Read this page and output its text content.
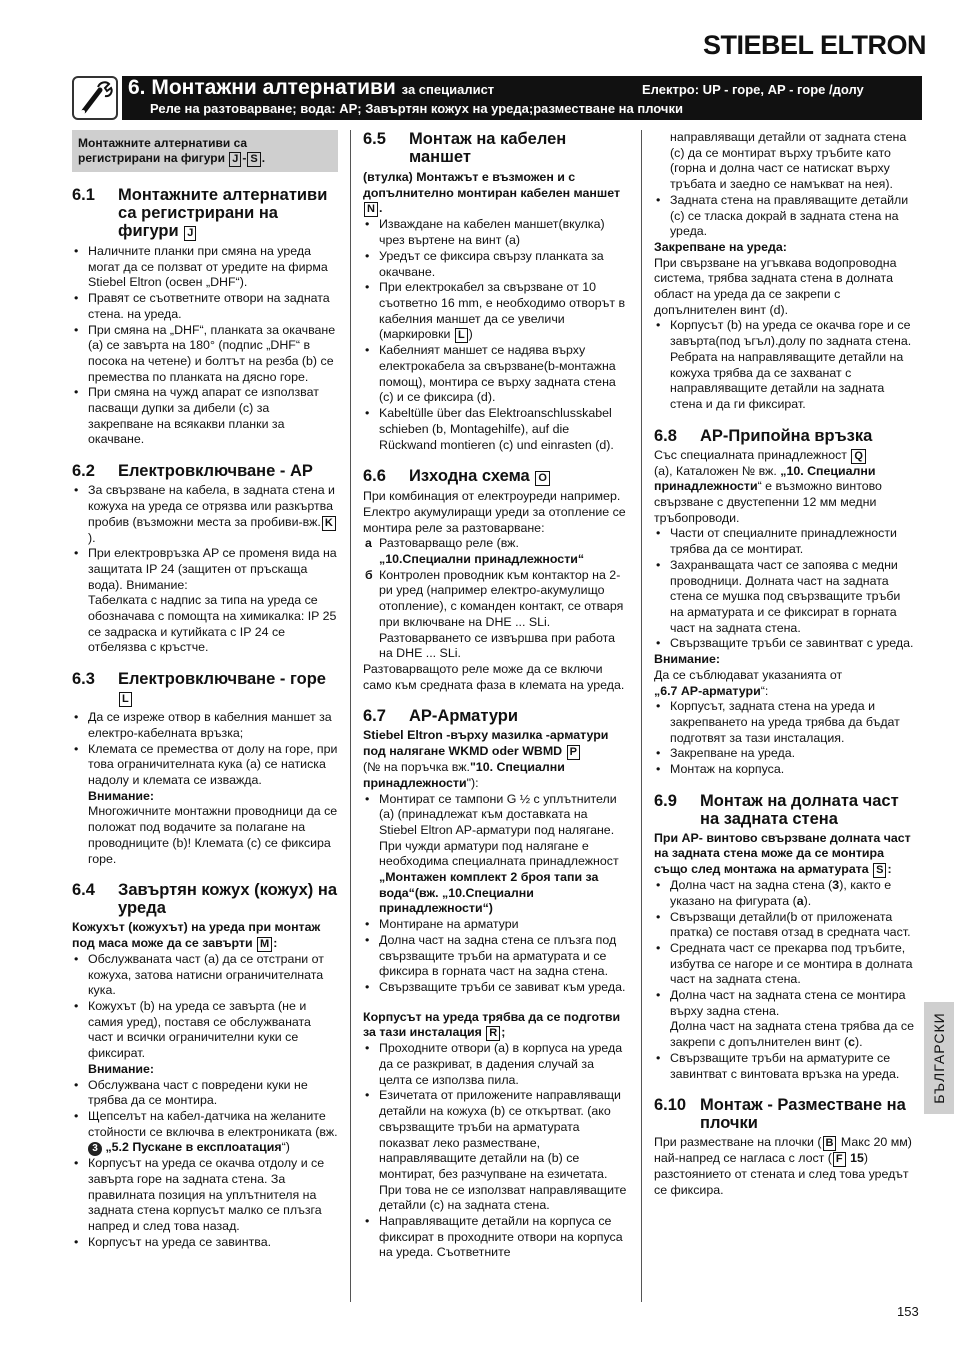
STIEBEL ELTRON
6. Монтажни алтернативи за специалист	Електро: UP - горе, AP - горе /долу
Реле на разтоварване; вода: AP; Завъртян кожух на уреда;разместване на плочки
Монтажните алтернативи са регистрирани на фигури J - S .
6.1	Монтажните алтернативи са регистрирани на фигури J
• Наличните планки при смяна на уреда могат да се ползват от уредите на фирма Stiebel Eltron (освен „DHF“).
• Правят се съответните отвори на задната стена. на уреда.
• При смяна на „DHF“, планката за окачване (а) се завърта на 180° (подпис „DHF“ в посока на четене) и болтът на резба (b) се премества по планката на дясно горе.
• При смяна на чужд апарат се използват пасващи дупки за дибели (с) за закрепване на всякакви планки за окачване.
6.2	Електровключване - AP
• За свързване на кабела, в задната стена и кожуха на уреда се отрязва или разкъртва пробив (възможни места за пробиви-вж. K).
• При електровръзка AP се променя вида на защитата IP 24 (защитен от пръскаща вода). Внимание:
Табелката с надпис за типа на уреда се обозначава с помощта на химикалка: IP 25 се задраска и кутийката с IP 24 се отбелязва с кръстче.
6.3	Електровключване - горе L
• Да се изреже отвор в кабелния маншет за електро-кабелната връзка;
• Клемата се премества от долу на горе, при това ограничителната кука (а) се натиска надолу и клемата се изважда.
Внимание:
Многожичните монтажни проводници да се положат под водачите за полагане на проводниците (b)! Клемата (с) се фиксира горе.
6.4	Завъртян кожух (кожух) на уреда

Кожухът (кожухът) на уреда при монтаж под маса може да се завърти M :

• Обслужваната част (а) да се отстрани от кожуха, затова натисни ограничителната кука.
• Кожухът (b) на уреда се завърта (не и самия уред), поставя се обслужваната част и всички ограничителни куки се фиксират.
Внимание:
• Обслужвана част с повредени куки не трябва да се монтира.
• Щепселът на кабел-датчика на желаните стойности се включва в електрониката (вж. 3 „5.2 Пускане в експлоатация“)
• Корпусът на уреда се окачва отдолу и се завърта горе на задната стена. За правилната позиция на уплътнителя на задната стена корпусът малко се плъзга напред и след това назад.
• Корпусът на уреда се завинтва.
6.5	Монтаж на кабелен маншет

(втулка) Монтажът е възможен и с допълнително монтиран кабелен маншет N .

• Изваждане на кабелен маншет(вкулка) чрез въртене на винт (а)
• Уредът се фиксира свързу планката за окачване.
• При електрокабел за свързване от 10 съответно 16 mm, е необходимо отворът в кабелния маншет да се увеличи (маркировки L )
• Кабелният маншет се надява върху електрокабела за свързване(b-монтажна помощ), монтира се върху задната стена (с) и се фиксира (d).
• Kabeltülle über das Elektroanschlusskabel schieben (b, Montagehilfe), auf die Rückwand montieren (c) und einrasten (d).
6.6	Изходна схема O

При комбинация от електроуреди например.

Електро акумулиращи уреди за отопление се монтира реле за разтоварване:

a Разтоварващо реле (вж.
„10.Специални принадлежности“
б Контролен проводник към контактор на 2-ри уред (например електро-акумулищо отопление), с команден контакт, се отваря при включване на DHE ... SLi. Разтоварването се извършва при работа на DHE ... SLi.

Разтоварващото реле може да се включи само към средната фаза в клемата на уреда.

6.7	AP-Арматури

Stiebel Eltron -върху мазилка -арматури под налягане WKMD oder WBMD P
(№ на поръчка вж."10. Специални принадлежности"):

• Монтират се тампони G ½ с уплътнители (а) (принадлежат към доставката на Stiebel Eltron AP-арматури под налягане. При чужди арматури под налягане е необходима специалната принадлежност „Монтажен комплект 2 броя тапи за вода“(вж. „10.Специални принадлежности“)
• Монтиране на арматури
• Долна част на задна стена се плъзга под свързващите тръби на арматурата и се фиксира в горната част на задна стена.
• Свързващите тръби се завиват към уреда.

Корпусът на уреда трябва да се подготви за тази инсталация R ;

• Проходните отвори (а) в корпуса на уреда да се разкриват, в дадения случай за целта се използва пила.
• Езичетата от приложените направляващи детайли на кожуха (b) се откъртват. (ако свързващите тръби на арматурата показват леко разместване, направляващите детайли на (b) се монтират, без разчупване на езичетата. При това не се използват направляващите детайли (с) на задната стена.
• Направляващите детайли на корпуса се фиксират в проходните отвори на корпуса на уреда. Съответните

направляващи детайли от задната стена (с) да се монтират върху тръбите като (горна и долна част се натискат върху тръбата и заедно се намъкват на нея).

• Задната стена на правляващите детайли (с) се тласка докрай в задната стена на уреда.

Закрепване на уреда:

При свързване на угъвкава водопроводна система, трябва задната стена в долната област на уреда да се закрепи с допълнителен винт (d).

• Корпусът (b) на уреда се окачва горе и се завърта(под ъгъл).долу по задната стена. Ребрата на направляващите детайли на кожуха трябва да се захванат с направляващите детайли на задната стена и да ги фиксират.
6.8	AP-Припойна връзка

Със специалната принадлежност Q
(а), Каталожен № вж. „10. Специални принадлежности“ е възможно винтово свързване с двустепенни 12 мм медни тръбопроводи.

• Части от специалните принадлежности трябва да се монтират.
• Захранващата част се запоява с медни проводници. Долната част на задната стена се мушка под свързващите тръби на арматурата и се фиксират в горната част на задната стена.
• Свързващите тръби се завинтват с уреда.

Внимание:

Да се съблюдават указанията от
„6.7 AP-арматури“:

• Корпусът, задната стена на уреда и закрепването на уреда трябва да бъдат подготвят за тази инсталация.
• Закрепване на уреда.
• Монтаж на корпуса.
6.9	Монтаж на долната част на задната стена

При AP- винтово свързване долната част на задната стена може да се монтира също след монтажа на арматурата S :

• Долна част на задна стена (3), както е указано на фигурата (а).
• Свързващи детайли(b от приложената пратка) се поставя отзад в средната част.
• Средната част се прекарва под тръбите, избутва се нагоре и се монтира в долната част на задната стена.
• Долна част на задната стена се монтира върху задна стена.
Долна част на задната стена трябва да се закрепи с допълнителен винт (с).
• Свързващите тръби на арматурите се завинтват с винтовата връзка на уреда.
6.10 Монтаж - Разместване на плочки

При разместване на плочки ( B Макс 20 мм) най-напред се нагласа с лост ( F 15) разстоянието от стената и след това уредът се фиксира.

БЪЛГАРСКИ
153
